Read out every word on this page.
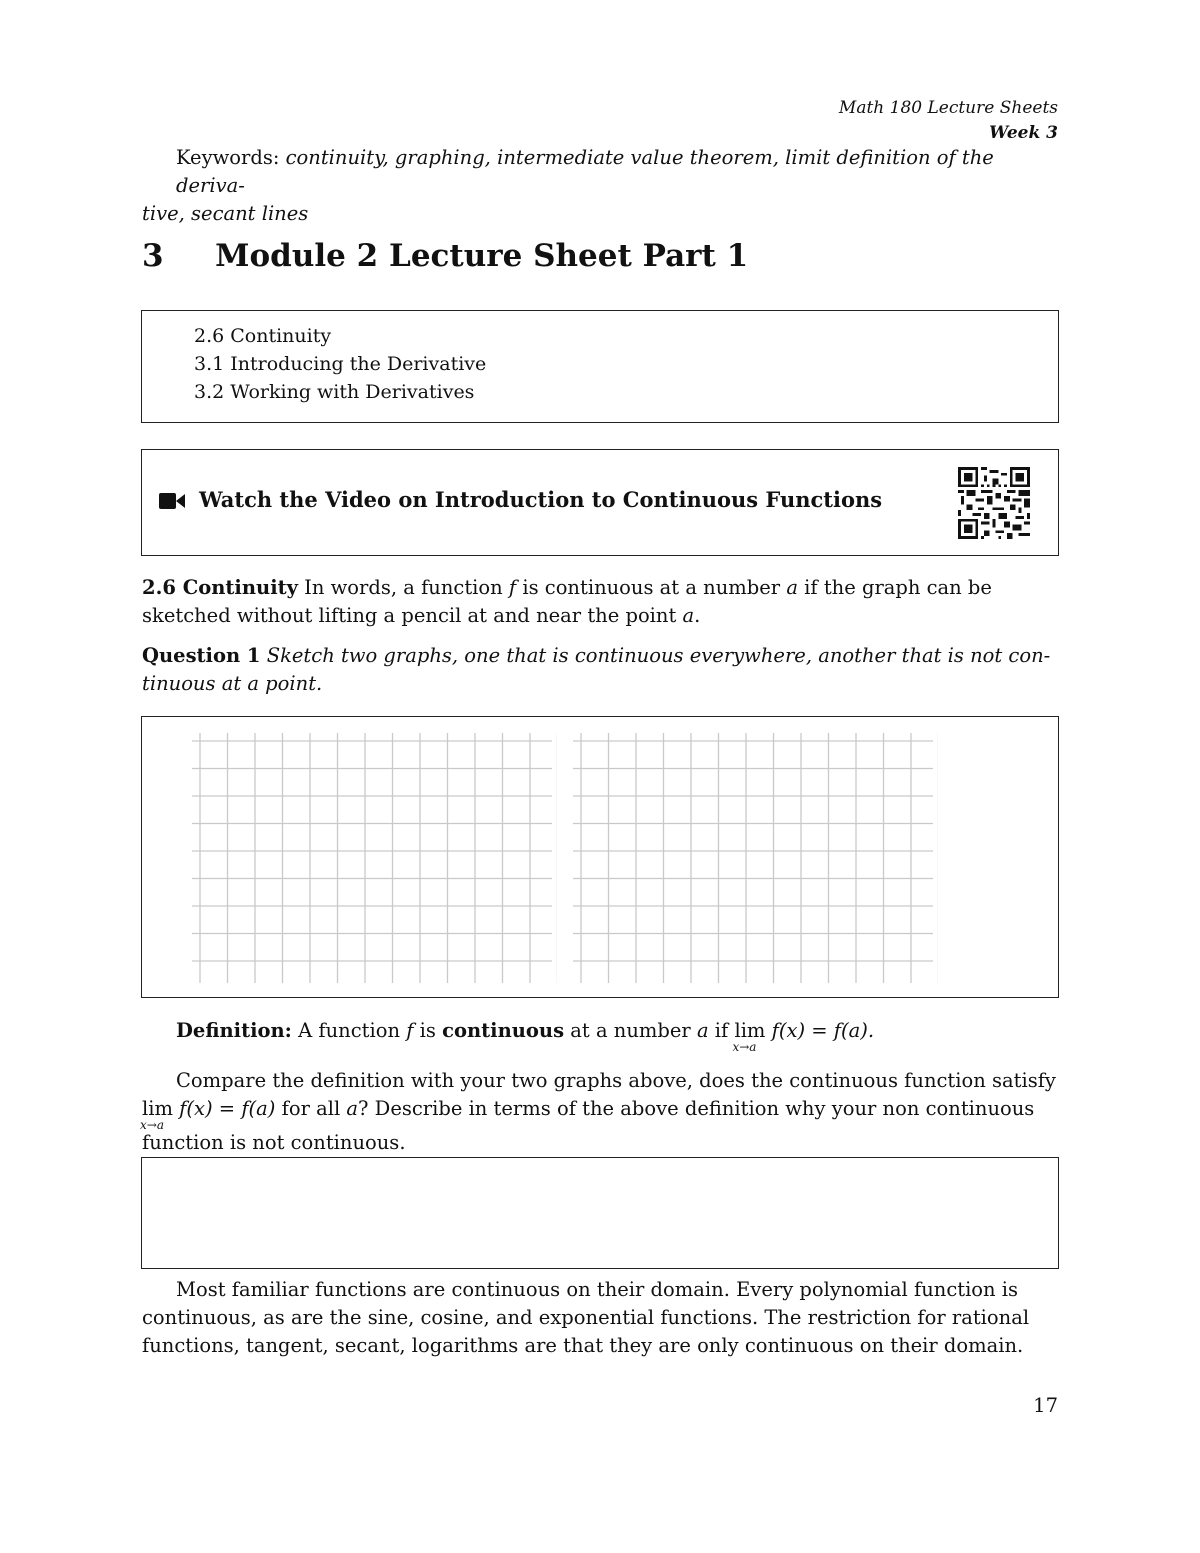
Math 180 Lecture Sheets
Week 3
Keywords: continuity, graphing, intermediate value theorem, limit definition of the deriva-
tive, secant lines
3 Module 2 Lecture Sheet Part 1
2.6 Continuity
3.1 Introducing the Derivative
3.2 Working with Derivatives
Watch the Video on Introduction to Continuous Functions
2.6 Continuity In words, a function f is continuous at a number a if the graph can be
sketched without lifting a pencil at and near the point a.
Question 1 Sketch two graphs, one that is continuous everywhere, another that is not con-
tinuous at a point.
Definition: A function f is continuous at a number a if lim
x→a
f(x) = f(a).
Compare the definition with your two graphs above, does the continuous function satisfy
lim
x→a
f(x) = f(a) for all a? Describe in terms of the above definition why your non continuous
function is not continuous.
Most familiar functions are continuous on their domain. Every polynomial function is
continuous, as are the sine, cosine, and exponential functions. The restriction for rational
functions, tangent, secant, logarithms are that they are only continuous on their domain.
17
